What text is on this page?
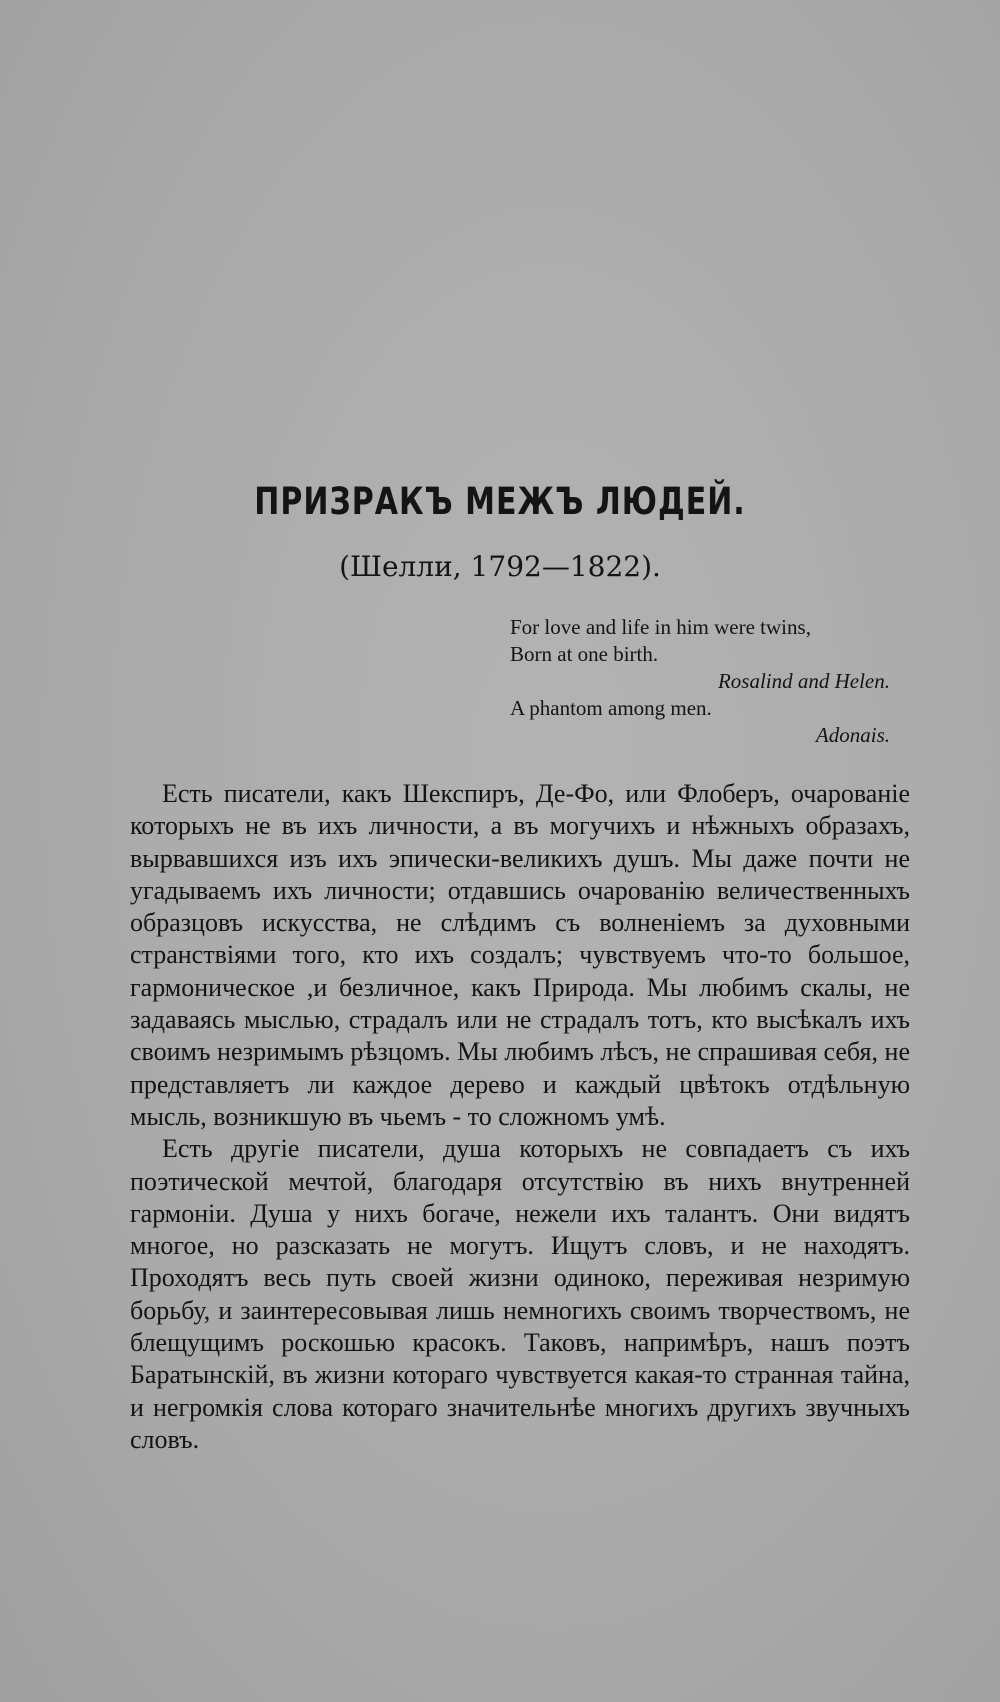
ПРИЗРАКЪ МЕЖЪ ЛЮДЕЙ.
(Шелли, 1792—1822).
For love and life in him were twins,
Born at one birth.
Rosalind and Helen.
A phantom among men.
Adonais.

Есть писатели, какъ Шекспиръ, Де-Фо, или Флоберъ, очарованіе которыхъ не въ ихъ личности, а въ могучихъ и нѣжныхъ образахъ, вырвавшихся изъ ихъ эпически-великихъ душъ. Мы даже почти не угадываемъ ихъ личности; отдавшись очарованію величественныхъ образцовъ искусства, не слѣдимъ съ волненіемъ за духовными странствіями того, кто ихъ создалъ; чувствуемъ что-то большое, гармоническое ,и безличное, какъ Природа. Мы любимъ скалы, не задаваясь мыслью, страдалъ или не страдалъ тотъ, кто высѣкалъ ихъ своимъ незримымъ рѣзцомъ. Мы любимъ лѣсъ, не спрашивая себя, не представляетъ ли каждое дерево и каждый цвѣтокъ отдѣльную мысль, возникшую въ чьемъ - то сложномъ умѣ.

Есть другіе писатели, душа которыхъ не совпадаетъ съ ихъ поэтической мечтой, благодаря отсутствію въ нихъ внутренней гармоніи. Душа у нихъ богаче, нежели ихъ талантъ. Они видятъ многое, но разсказать не могутъ. Ищутъ словъ, и не находятъ. Проходятъ весь путь своей жизни одиноко, переживая незримую борьбу, и заинтересовывая лишь немногихъ своимъ творчествомъ, не блещущимъ роскошью красокъ. Таковъ, напримѣръ, нашъ поэтъ Баратынскій, въ жизни котораго чувствуется какая-то странная тайна, и негромкія слова котораго значительнѣе многихъ другихъ звучныхъ словъ.
